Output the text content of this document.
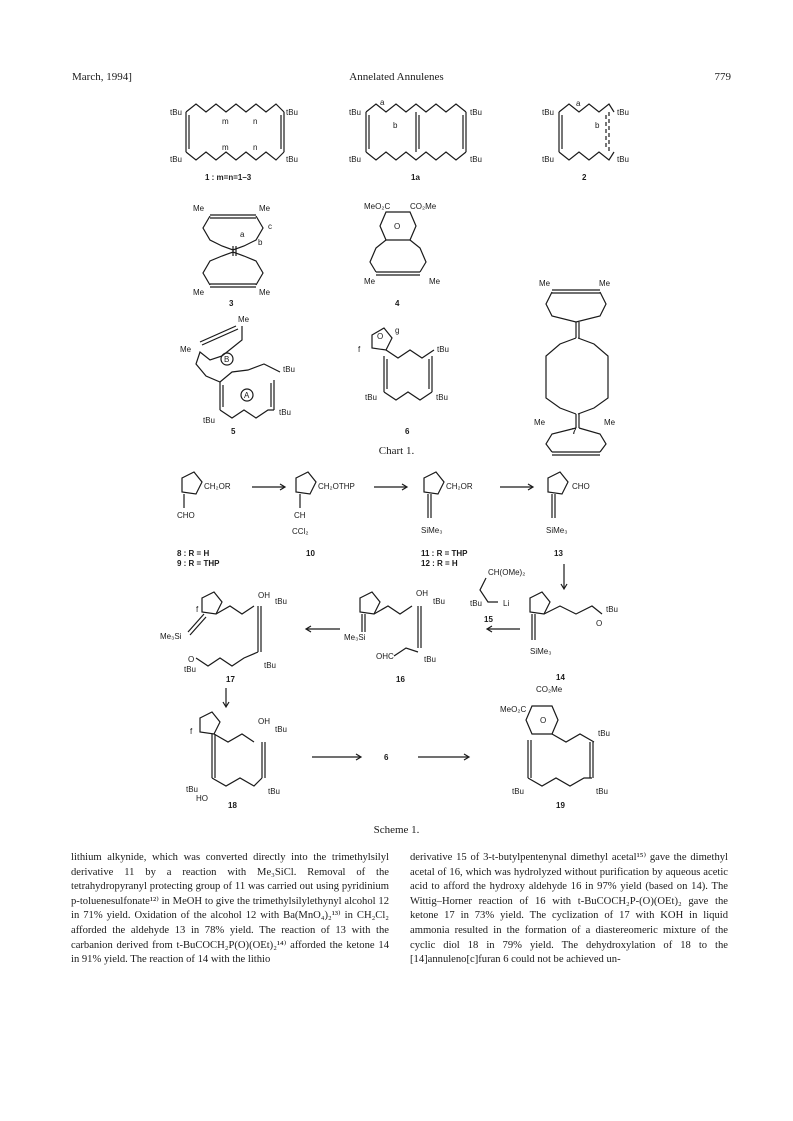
March, 1994]	Annelated Annulenes	779
tBu	tBu
tBu	tBu
m	n
m	n
1 : m=n=1–3
tBu	tBu
tBu	tBu
a
b
1a
tBu	tBu
tBu	tBu
a
b
2
Me	Me
Me	Me
a
b
c
3
MeO₂C CO₂Me
O
Me	Me
4
Me
Me
B
tBu
A
tBu
tBu
5
O
g
f	tBu
tBu	tBu
6
Me	Me
Me	Me
7
CH₂OR
CHO
8 : R = H
9 : R = THP
CH₂OTHP
CH
CCl₂
10
CH₂OR
SiMe₃
11 : R = THP
12 : R = H
CHO
SiMe₃
13
f
OH
tBu
Me₃Si
O
tBu	tBu
17
OH
tBu
Me₃Si
OHC	tBu
16
CH(OMe)₂
tBu	Li
15	O
tBu
SiMe₃
14
f
OH
tBu
tBu
HO
tBu
18
6
CO₂Me
MeO₂C
O
tBu
tBu	tBu
19
Chart 1.
Scheme 1.

lithium alkynide, which was converted directly into the trimethylsilyl derivative 11 by a reaction with Me₃SiCl. Removal of the tetrahydropyranyl protecting group of 11 was carried out using pyridinium p-toluenesulfonate¹²⁾ in MeOH to give the trimethylsilylethynyl alcohol 12 in 71% yield. Oxidation of the alcohol 12 with Ba(MnO₄)₂¹³⁾ in CH₂Cl₂ afforded the aldehyde 13 in 78% yield. The reaction of 13 with the carbanion derived from t-BuCOCH₂P(O)(OEt)₂¹⁴⁾ afforded the ketone 14 in 91% yield. The reaction of 14 with the lithio

derivative 15 of 3-t-butylpentenynal dimethyl acetal¹⁵⁾ gave the dimethyl acetal of 16, which was hydrolyzed without purification by aqueous acetic acid to afford the hydroxy aldehyde 16 in 97% yield (based on 14). The Wittig–Horner reaction of 16 with t-BuCOCH₂P-(O)(OEt)₂ gave the ketone 17 in 73% yield. The cyclization of 17 with KOH in liquid ammonia resulted in the formation of a diastereomeric mixture of the cyclic diol 18 in 79% yield. The dehydroxylation of 18 to the [14]annuleno[c]furan 6 could not be achieved un-
